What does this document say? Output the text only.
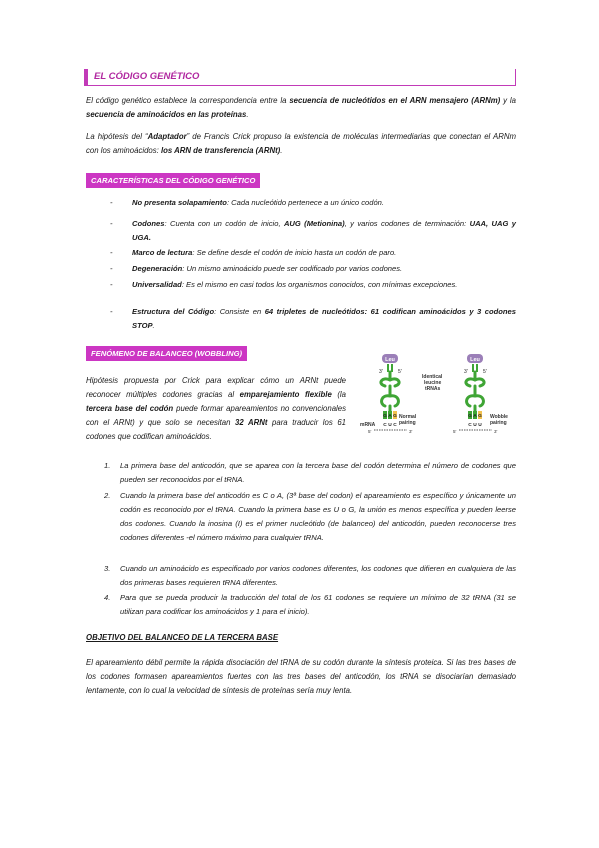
EL CÓDIGO GENÉTICO

El código genético establece la correspondencia entre la secuencia de nucleótidos en el ARN mensajero (ARNm) y la secuencia de aminoácidos en las proteínas.

La hipótesis del “Adaptador” de Francis Crick propuso la existencia de moléculas intermediarias que conectan el ARNm con los aminoácidos: los ARN de transferencia (ARNt).

CARACTERÍSTICAS DEL CÓDIGO GENÉTICO
-	No presenta solapamiento: Cada nucleótido pertenece a un único codón.
-	Codones: Cuenta con un codón de inicio, AUG (Metionina), y varios codones de terminación: UAA, UAG y UGA.
-	Marco de lectura: Se define desde el codón de inicio hasta un codón de paro.
-	Degeneración: Un mismo aminoácido puede ser codificado por varios codones.
-	Universalidad: Es el mismo en casi todos los organismos conocidos, con mínimas excepciones.
-	Estructura del Código: Consiste en 64 tripletes de nucleótidos: 61 codifican aminoácidos y 3 codones STOP.
FENÓMENO DE BALANCEO (WOBBLING)

Hipótesis propuesta por Crick para explicar cómo un ARNt puede reconocer múltiples codones gracias al emparejamiento flexible (la tercera base del codón puede formar apareamientos no convencionales con el ARNt) y que solo se necesitan 32 ARNt para traducir los 61 codones que codifican aminoácidos.

Leu
3'	5'
G A G
C U C
Leu
3'	5'
G A G
C U U
Identical
leucine
tRNAs
Normal
pairing
Wobble
pairing
mRNA
5'	3'	5'	3'
1. La primera base del anticodón, que se aparea con la tercera base del codón determina el número de codones que pueden ser reconocidos por el tRNA.
2. Cuando la primera base del anticodón es C o A, (3ª base del codon) el apareamiento es específico y únicamente un codón es reconocido por el tRNA. Cuando la primera base es U o G, la unión es menos específica y pueden leerse dos codones. Cuando la inosina (I) es el primer nucleótido (de balanceo) del anticodón, pueden reconocerse tres codones diferentes -el número máximo para cualquier tRNA.
3. Cuando un aminoácido es especificado por varios codones diferentes, los codones que difieren en cualquiera de las dos primeras bases requieren tRNA diferentes.
4. Para que se pueda producir la traducción del total de los 61 codones se requiere un mínimo de 32 tRNA (31 se utilizan para codificar los aminoácidos y 1 para el inicio).
OBJETIVO DEL BALANCEO DE LA TERCERA BASE

El apareamiento débil permite la rápida disociación del tRNA de su codón durante la síntesis proteica. Si las tres bases de los codones formasen apareamientos fuertes con las tres bases del anticodón, los tRNA se disociarían demasiado lentamente, con lo cual la velocidad de síntesis de proteínas sería muy lenta.
